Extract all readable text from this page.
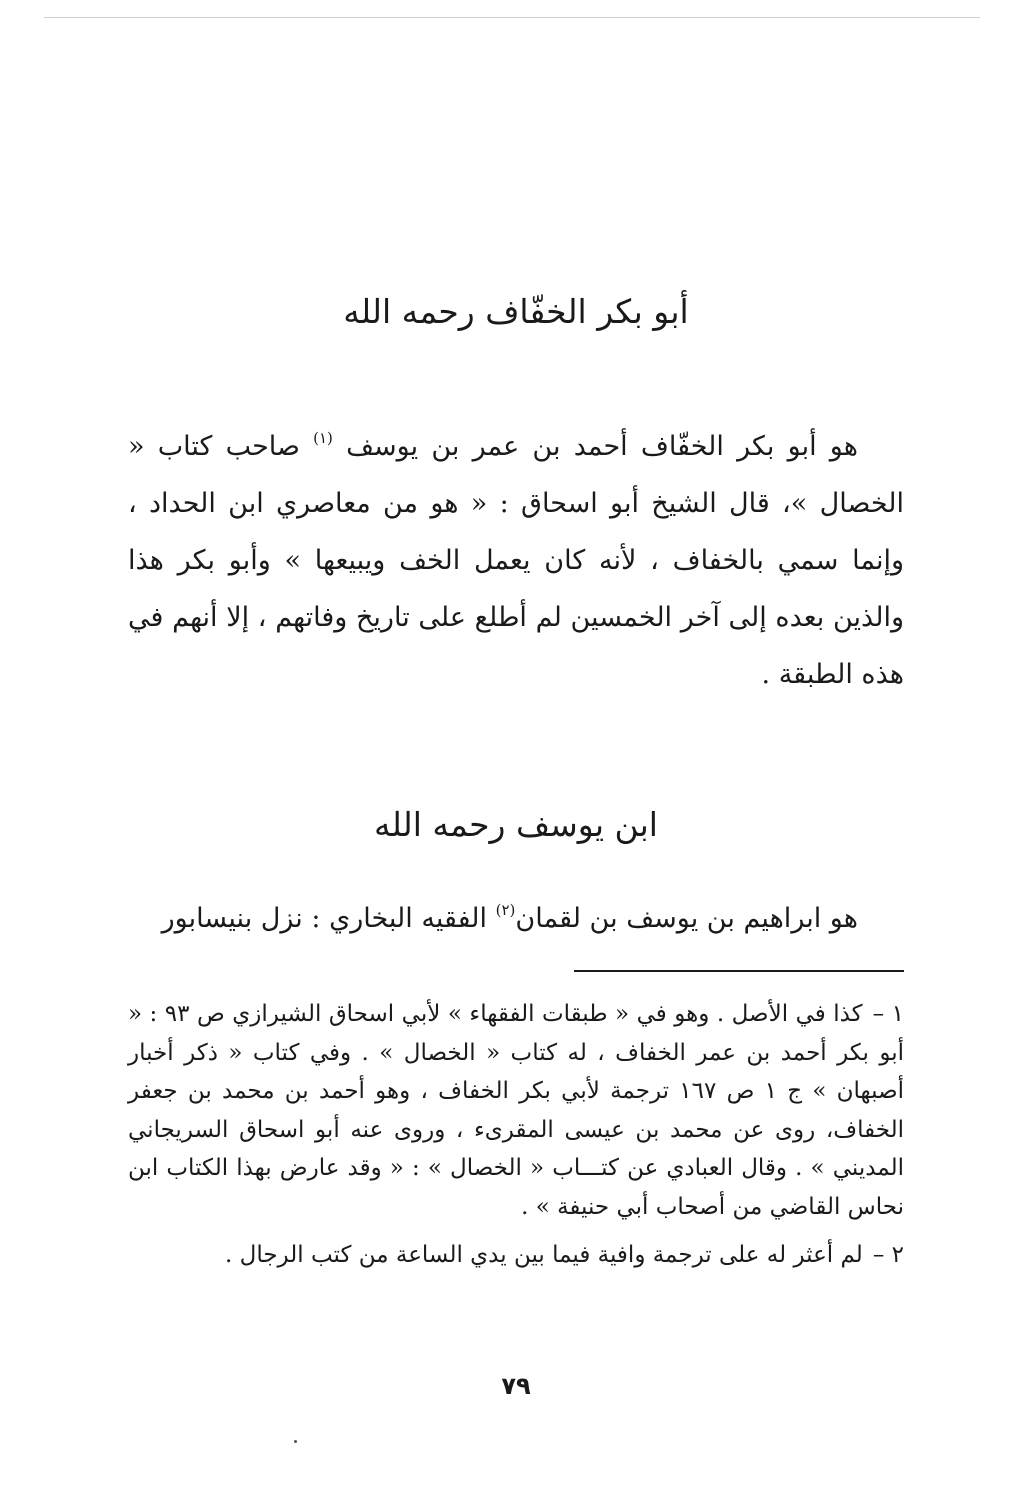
أبو بكر الخفّاف رحمه الله
هو أبو بكر الخفّاف أحمد بن عمر بن يوسف $^{(١)}$ صاحب كتاب « الخصال »، قال الشيخ أبو اسحاق : « هو من معاصري ابن الحداد ، وإنما سمي بالخفاف ، لأنه كان يعمل الخف ويبيعها » وأبو بكر هذا والذين بعده إلى آخر الخمسين لم أطلع على تاريخ وفاتهم ، إلا أنهم في هذه الطبقة .
ابن يوسف رحمه الله
هو ابراهيم بن يوسف بن لقمان$^{(٢)}$ الفقيه البخاري : نزل بنيسابور
١ –كذا في الأصل . وهو في « طبقات الفقهاء » لأبي اسحاق الشيرازي ص ٩٣ : « أبو بكر أحمد بن عمر الخفاف ، له كتاب « الخصال » . وفي كتاب « ذكر أخبار أصبهان » ج ١ ص ١٦٧ ترجمة لأبي بكر الخفاف ، وهو أحمد بن محمد بن جعفر الخفاف، روى عن محمد بن عيسى المقرىء ، وروى عنه أبو اسحاق السريجاني المديني » . وقال العبادي عن كتـــاب « الخصال » : « وقد عارض بهذا الكتاب ابن نحاس القاضي من أصحاب أبي حنيفة » .
٢ –لم أعثر له على ترجمة وافية فيما بين يدي الساعة من كتب الرجال .
٧٩
